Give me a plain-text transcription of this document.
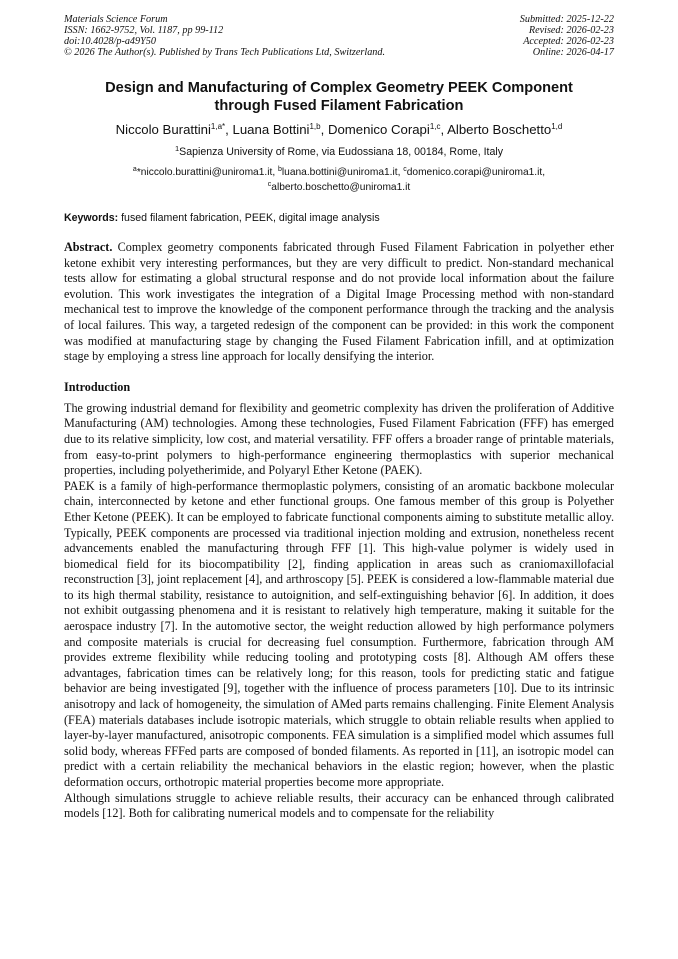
Materials Science Forum
ISSN: 1662-9752, Vol. 1187, pp 99-112
doi:10.4028/p-a49Y50
© 2026 The Author(s). Published by Trans Tech Publications Ltd, Switzerland.
Submitted: 2025-12-22
Revised: 2026-02-23
Accepted: 2026-02-23
Online: 2026-04-17
Design and Manufacturing of Complex Geometry PEEK Component
through Fused Filament Fabrication
Niccolo Burattini$^{1,a*}$, Luana Bottini$^{1,b}$, Domenico Corapi$^{1,c}$, Alberto Boschetto$^{1,d}$
$^1$Sapienza University of Rome, via Eudossiana 18, 00184, Rome, Italy
$^a$*niccolo.burattini@uniroma1.it, $^b$luana.bottini@uniroma1.it, $^c$domenico.corapi@uniroma1.it,
$^c$alberto.boschetto@uniroma1.it
Keywords: fused filament fabrication, PEEK, digital image analysis
Abstract. Complex geometry components fabricated through Fused Filament Fabrication in polyether ether ketone exhibit very interesting performances, but they are very difficult to predict. Non-standard mechanical tests allow for estimating a global structural response and do not provide local information about the failure evolution. This work investigates the integration of a Digital Image Processing method with non-standard mechanical test to improve the knowledge of the component performance through the tracking and the analysis of local failures. This way, a targeted redesign of the component can be provided: in this work the component was modified at manufacturing stage by changing the Fused Filament Fabrication infill, and at optimization stage by employing a stress line approach for locally densifying the interior.
Introduction
The growing industrial demand for flexibility and geometric complexity has driven the proliferation of Additive Manufacturing (AM) technologies. Among these technologies, Fused Filament Fabrication (FFF) has emerged due to its relative simplicity, low cost, and material versatility. FFF offers a broader range of printable materials, from easy-to-print polymers to high-performance engineering thermoplastics with superior mechanical properties, including polyetherimide, and Polyaryl Ether Ketone (PAEK).
PAEK is a family of high-performance thermoplastic polymers, consisting of an aromatic backbone molecular chain, interconnected by ketone and ether functional groups. One famous member of this group is Polyether Ether Ketone (PEEK). It can be employed to fabricate functional components aiming to substitute metallic alloy. Typically, PEEK components are processed via traditional injection molding and extrusion, nonetheless recent advancements enabled the manufacturing through FFF [1]. This high-value polymer is widely used in biomedical field for its biocompatibility [2], finding application in areas such as craniomaxillofacial reconstruction [3], joint replacement [4], and arthroscopy [5]. PEEK is considered a low-flammable material due to its high thermal stability, resistance to autoignition, and self-extinguishing behavior [6]. In addition, it does not exhibit outgassing phenomena and it is resistant to relatively high temperature, making it suitable for the aerospace industry [7]. In the automotive sector, the weight reduction allowed by high performance polymers and composite materials is crucial for decreasing fuel consumption. Furthermore, fabrication through AM provides extreme flexibility while reducing tooling and prototyping costs [8]. Although AM offers these advantages, fabrication times can be relatively long; for this reason, tools for predicting static and fatigue behavior are being investigated [9], together with the influence of process parameters [10]. Due to its intrinsic anisotropy and lack of homogeneity, the simulation of AMed parts remains challenging. Finite Element Analysis (FEA) materials databases include isotropic materials, which struggle to obtain reliable results when applied to layer-by-layer manufactured, anisotropic components. FEA simulation is a simplified model which assumes full solid body, whereas FFFed parts are composed of bonded filaments. As reported in [11], an isotropic model can predict with a certain reliability the mechanical behaviors in the elastic region; however, when the plastic deformation occurs, orthotropic material properties become more appropriate.
Although simulations struggle to achieve reliable results, their accuracy can be enhanced through calibrated models [12]. Both for calibrating numerical models and to compensate for the reliability
